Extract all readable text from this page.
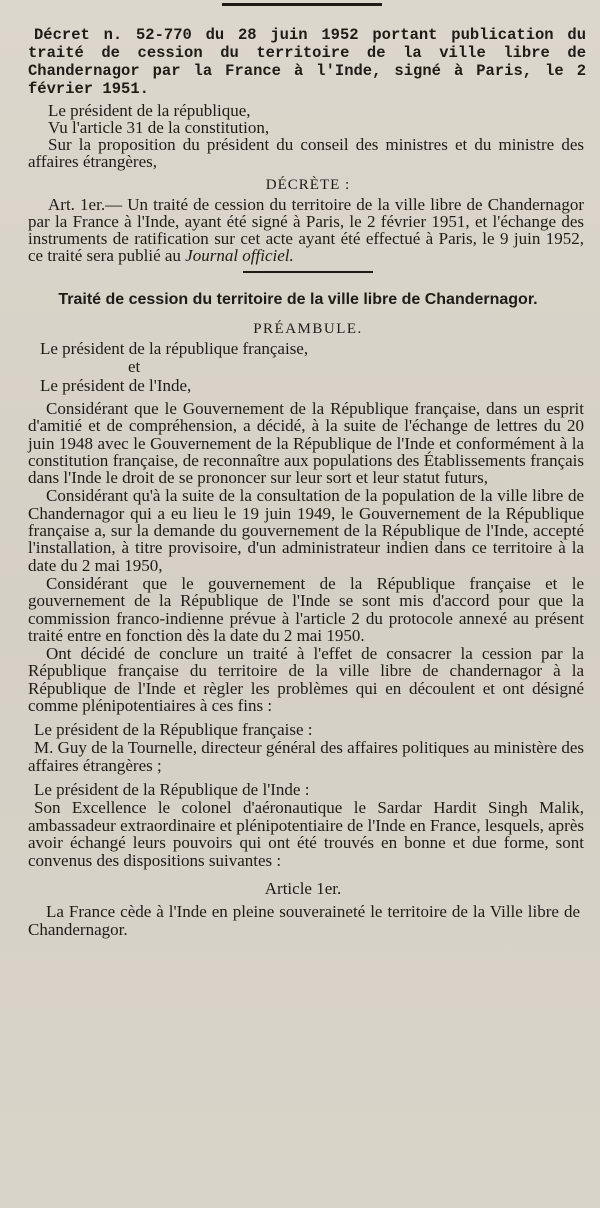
Décret n. 52-770 du 28 juin 1952 portant publication du traité de cession du territoire de la ville libre de Chandernagor par la France à l'Inde, signé à Paris, le 2 février 1951.

Le président de la république,

Vu l'article 31 de la constitution,

Sur la proposition du président du conseil des ministres et du ministre des affaires étrangères,

DÉCRÈTE :

Art. 1er.— Un traité de cession du territoire de la ville libre de Chandernagor par la France à l'Inde, ayant été signé à Paris, le 2 février 1951, et l'échange des instruments de ratification sur cet acte ayant été effectué à Paris, le 9 juin 1952, ce traité sera publié au Journal officiel.

Traité de cession du territoire de la ville libre de Chandernagor.

PRÉAMBULE.

Le président de la république française,

et

Le président de l'Inde,

Considérant que le Gouvernement de la République française, dans un esprit d'amitié et de compréhension, a décidé, à la suite de l'échange de lettres du 20 juin 1948 avec le Gouvernement de la République de l'Inde et conformément à la constitution française, de reconnaître aux populations des Établissements français dans l'Inde le droit de se prononcer sur leur sort et leur statut futurs,

Considérant qu'à la suite de la consultation de la population de la ville libre de Chandernagor qui a eu lieu le 19 juin 1949, le Gouvernement de la République française a, sur la demande du gouvernement de la République de l'Inde, accepté l'installation, à titre provisoire, d'un administrateur indien dans ce territoire à la date du 2 mai 1950,

Considérant que le gouvernement de la République française et le gouvernement de la République de l'Inde se sont mis d'accord pour que la commission franco-indienne prévue à l'article 2 du protocole annexé au présent traité entre en fonction dès la date du 2 mai 1950.

Ont décidé de conclure un traité à l'effet de consacrer la cession par la République française du territoire de la ville libre de chandernagor à la République de l'Inde et règler les problèmes qui en découlent et ont désigné comme plénipotentiaires à ces fins :

Le président de la République française :

M. Guy de la Tournelle, directeur général des affaires politiques au ministère des affaires étrangères ;

Le président de la République de l'Inde :

Son Excellence le colonel d'aéronautique le Sardar Hardit Singh Malik, ambassadeur extraordinaire et plénipotentiaire de l'Inde en France, lesquels, après avoir échangé leurs pouvoirs qui ont été trouvés en bonne et due forme, sont convenus des dispositions suivantes :

Article 1er.

La France cède à l'Inde en pleine souveraineté le territoire de la Ville libre de Chandernagor.
